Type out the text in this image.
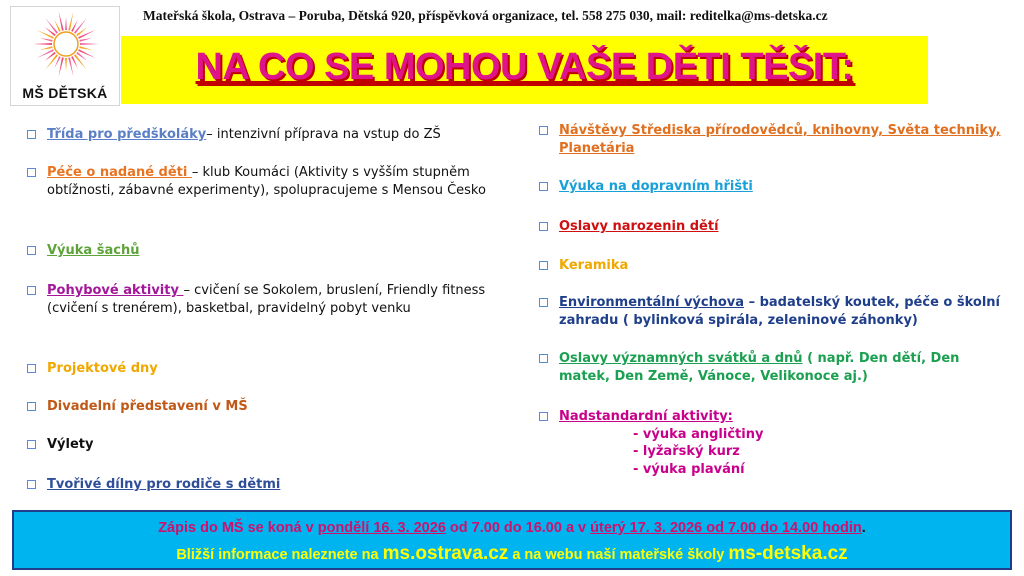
MŠ DĚTSKÁ
Mateřská škola, Ostrava – Poruba, Dětská 920, příspěvková organizace, tel. 558 275 030, mail: reditelka@ms-detska.cz
NA CO SE MOHOU VAŠE DĚTI TĚŠIT:
Třída pro předškoláky– intenzivní příprava na vstup do ZŠ
Péče o nadané děti – klub Koumáci (Aktivity s vyšším stupněm obtížnosti, zábavné experimenty), spolupracujeme s Mensou Česko
Výuka šachů
Pohybové aktivity – cvičení se Sokolem, bruslení, Friendly fitness (cvičení s trenérem), basketbal, pravidelný pobyt venku
Projektové dny
Divadelní představení v MŠ
Výlety
Tvořivé dílny pro rodiče s dětmi
Návštěvy Střediska přírodovědců, knihovny, Světa techniky, Planetária
Výuka na dopravním hřišti
Oslavy narozenin dětí
Keramika
Environmentální výchova – badatelský koutek, péče o školní zahradu ( bylinková spirála, zeleninové záhonky)
Oslavy významných svátků a dnů ( např. Den dětí, Den matek, Den Země, Vánoce, Velikonoce aj.)
Nadstandardní aktivity:
- výuka angličtiny
- lyžařský kurz
- výuka plavání
Zápis do MŠ se koná v pondělí 16. 3. 2026 od 7.00 do 16.00 a v úterý 17. 3. 2026 od 7.00 do 14.00 hodin.
Bližší informace naleznete na ms.ostrava.cz a na webu naší mateřské školy ms-detska.cz
